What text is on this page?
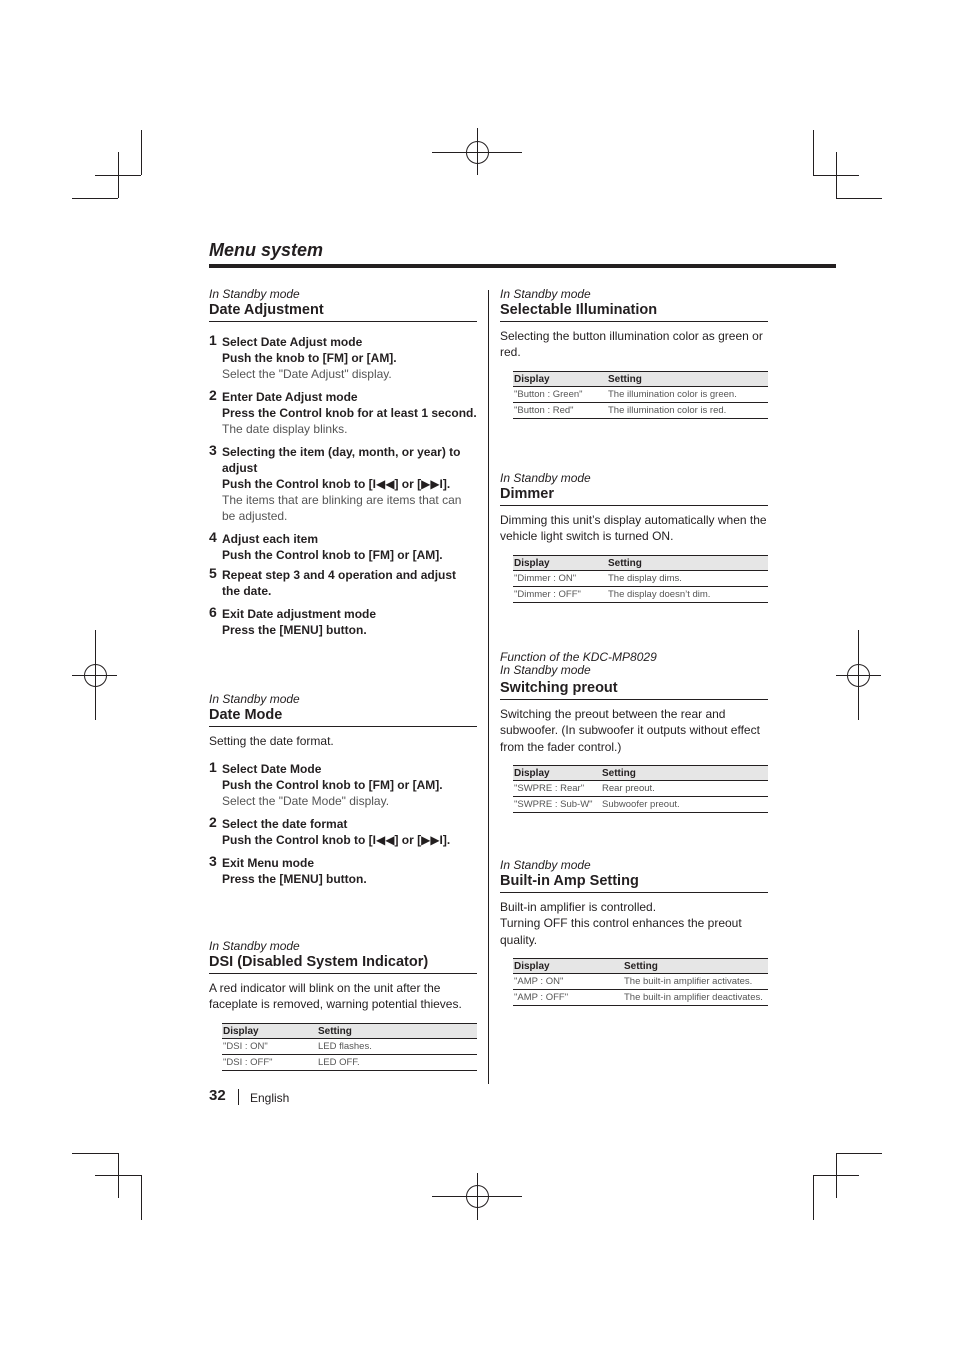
Menu system
In Standby mode
Date Adjustment
1 Select Date Adjust mode
Push the knob to [FM] or [AM].
Select the "Date Adjust" display.
2 Enter Date Adjust mode
Press the Control knob for at least 1 second.
The date display blinks.
3 Selecting the item (day, month, or year) to adjust
Push the Control knob to [I◀◀] or [▶▶I].
The items that are blinking are items that can be adjusted.
4 Adjust each item
Push the Control knob to [FM] or [AM].
5 Repeat step 3 and 4 operation and adjust the date.
6 Exit Date adjustment mode
Press the [MENU] button.
In Standby mode
Date Mode
Setting the date format.
1 Select Date Mode
Push the Control knob to [FM] or [AM].
Select the "Date Mode" display.
2 Select the date format
Push the Control knob to [I◀◀] or [▶▶I].
3 Exit Menu mode
Press the [MENU] button.
In Standby mode
DSI (Disabled System Indicator)
A red indicator will blink on the unit after the faceplate is removed, warning potential thieves.
Display	Setting
"DSI : ON"	LED flashes.
"DSI : OFF"	LED OFF.
In Standby mode
Selectable Illumination
Selecting the button illumination color as green or red.
Display	Setting
"Button : Green"	The illumination color is green.
"Button : Red"	The illumination color is red.
In Standby mode
Dimmer
Dimming this unit’s display automatically when the vehicle light switch is turned ON.
Display	Setting
"Dimmer : ON"	The display dims.
"Dimmer : OFF"	The display doesn’t dim.
Function of the KDC-MP8029
In Standby mode
Switching preout
Switching the preout between the rear and subwoofer. (In subwoofer it outputs without effect from the fader control.)
Display	Setting
"SWPRE : Rear"	Rear preout.
"SWPRE : Sub-W"	Subwoofer preout.
In Standby mode
Built-in Amp Setting
Built-in amplifier is controlled.
Turning OFF this control enhances the preout quality.
Display	Setting
"AMP : ON"	The built-in amplifier activates.
"AMP : OFF"	The built-in amplifier deactivates.
32 English
